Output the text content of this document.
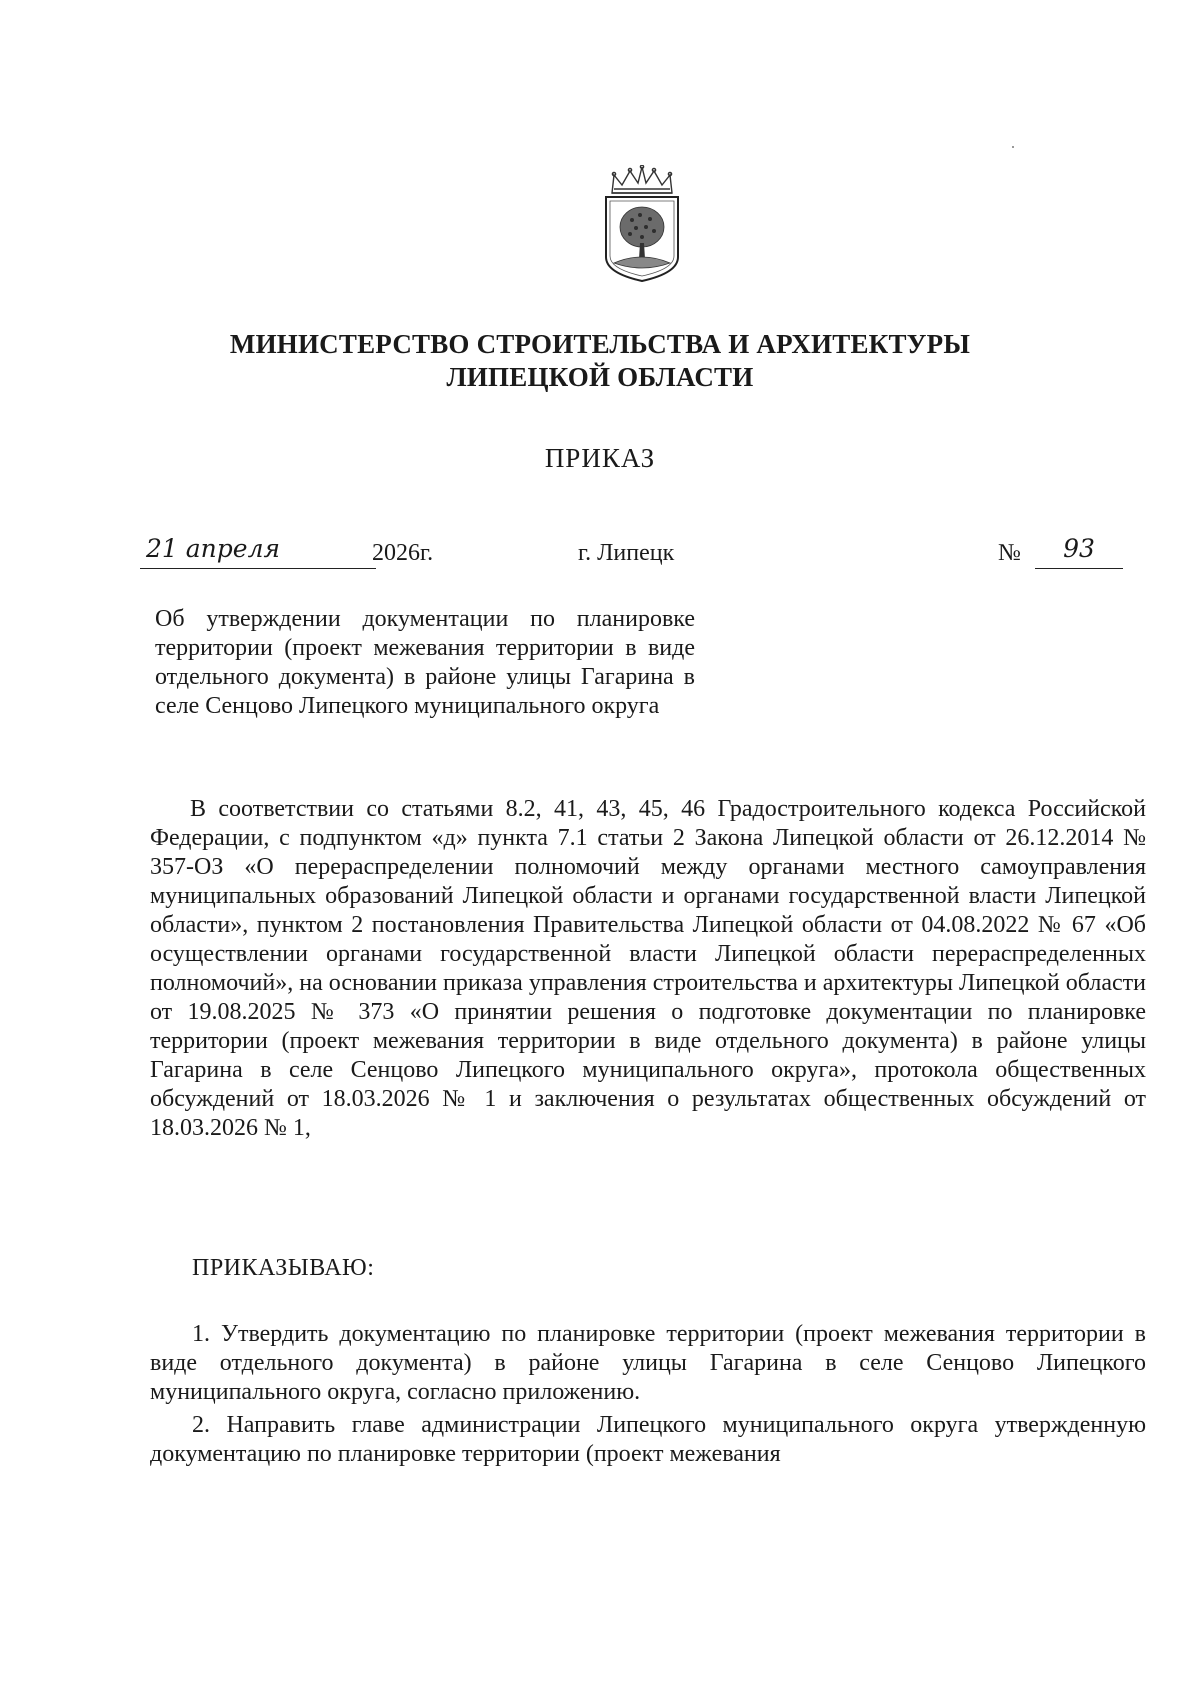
МИНИСТЕРСТВО СТРОИТЕЛЬСТВА И АРХИТЕКТУРЫ
ЛИПЕЦКОЙ ОБЛАСТИ
ПРИКАЗ
21 апреля	2026г.	г. Липецк	№	93
Об утверждении документации по планировке территории (проект межевания территории в виде отдельного документа) в районе улицы Гагарина в селе Сенцово Липецкого муниципального округа
В соответствии со статьями 8.2, 41, 43, 45, 46 Градостроительного кодекса Российской Федерации, с подпунктом «д» пункта 7.1 статьи 2 Закона Липецкой области от 26.12.2014 № 357-ОЗ «О перераспределении полномочий между органами местного самоуправления муниципальных образований Липецкой области и органами государственной власти Липецкой области», пунктом 2 постановления Правительства Липецкой области от 04.08.2022 № 67 «Об осуществлении органами государственной власти Липецкой области перераспределенных полномочий», на основании приказа управления строительства и архитектуры Липецкой области от 19.08.2025 № 373 «О принятии решения о подготовке документации по планировке территории (проект межевания территории в виде отдельного документа) в районе улицы Гагарина в селе Сенцово Липецкого муниципального округа», протокола общественных обсуждений от 18.03.2026 № 1 и заключения о результатах общественных обсуждений от 18.03.2026 № 1,
ПРИКАЗЫВАЮ:

1. Утвердить документацию по планировке территории (проект межевания территории в виде отдельного документа) в районе улицы Гагарина в селе Сенцово Липецкого муниципального округа, согласно приложению.

2. Направить главе администрации Липецкого муниципального округа утвержденную документацию по планировке территории (проект межевания
